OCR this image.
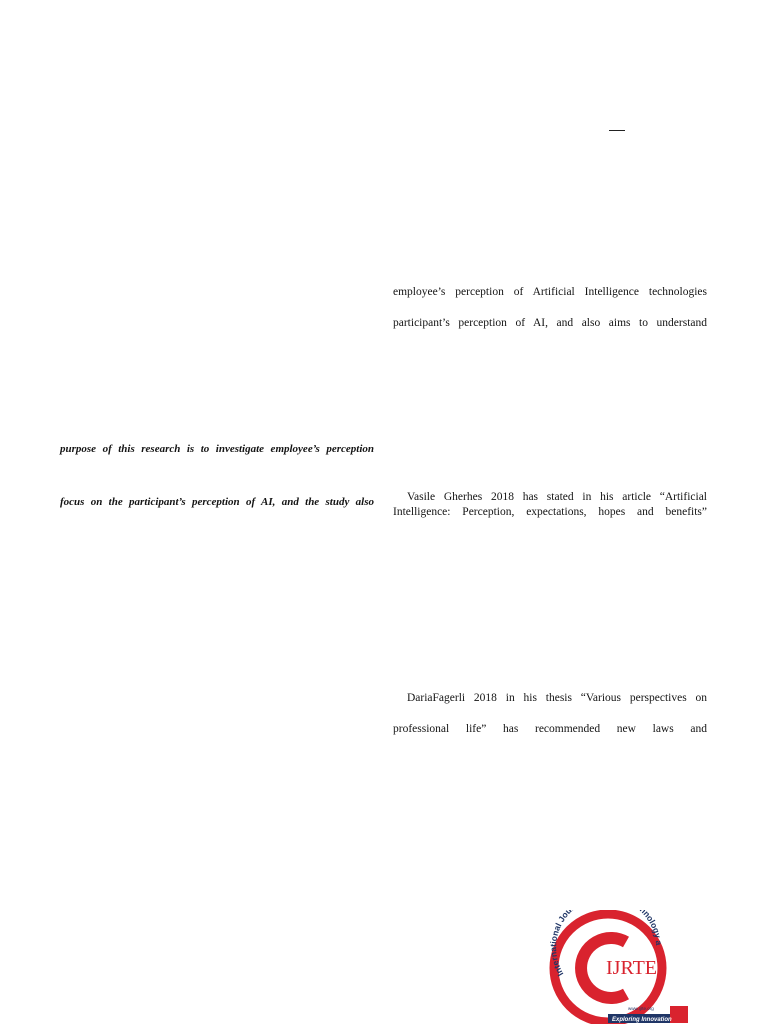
employee’s perception of Artificial Intelligence technologies
participant’s perception of AI, and also aims to understand
Vasile Gherhes 2018 has stated in his article “Artificial
Intelligence: Perception, expectations, hopes and benefits”
DariaFagerli 2018 in his thesis “Various perspectives on
professional life” has recommended new laws and
purpose of this research is to investigate employee’s perception
focus on the participant’s perception of AI, and the study also
International Jou nology a
IJRTE
www.ijrte.org
Exploring Innovation
